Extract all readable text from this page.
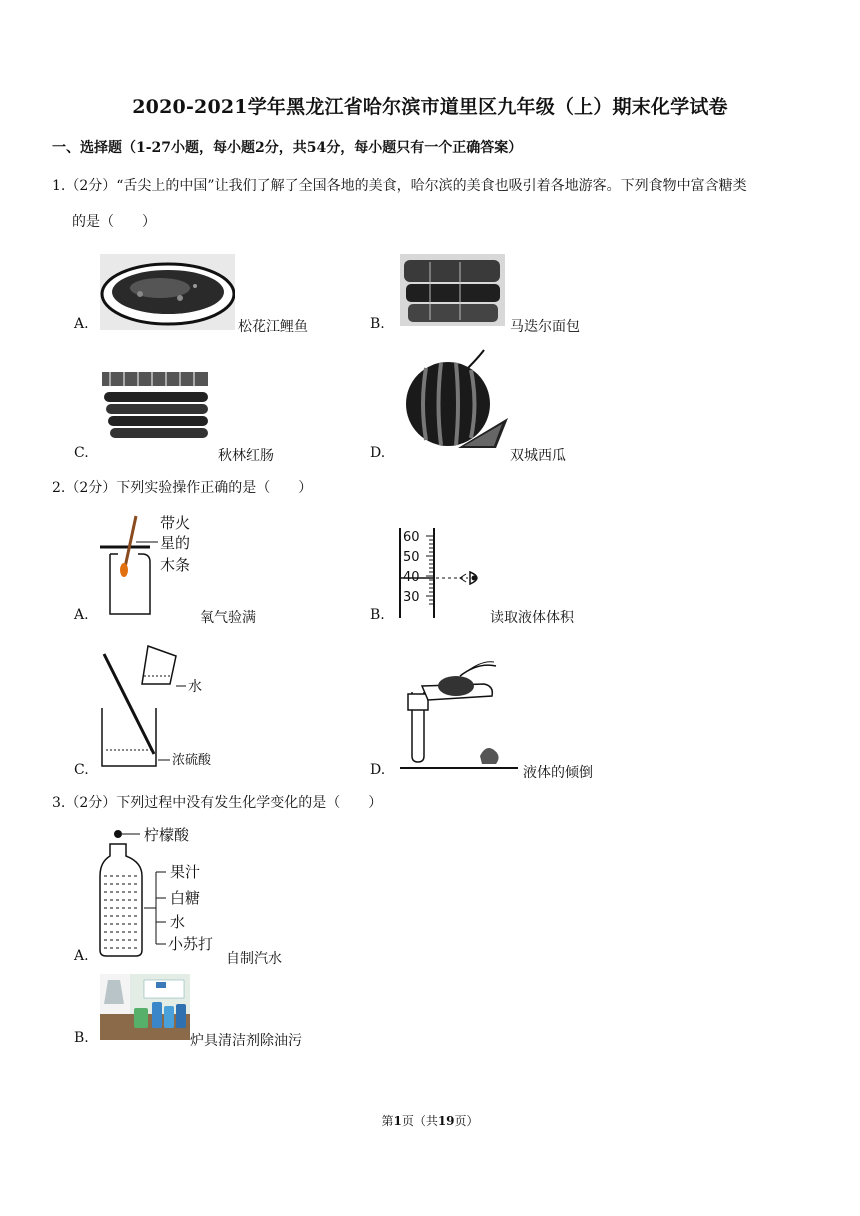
2020-2021学年黑龙江省哈尔滨市道里区九年级（上）期末化学试卷
一、选择题（1-27小题，每小题2分，共54分，每小题只有一个正确答案）
1.（2分）“舌尖上的中国”让我们了解了全国各地的美食，哈尔滨的美食也吸引着各地游客。下列食物中富含糖类
的是（　　）
A.	松花江鲤鱼	B.	马迭尔面包
C.	秋林红肠	D.	双城西瓜
2.（2分）下列实验操作正确的是（　　）
A.
带火
星的
木条
氧气验满	B.
60
50
40
30
读取液体体积
C.
水
浓硫酸
D.	液体的倾倒
3.（2分）下列过程中没有发生化学变化的是（　　）
A.
柠檬酸
果汁
白糖
水
小苏打
自制汽水
B.	炉具清洁剂除油污
第1页（共19页）
